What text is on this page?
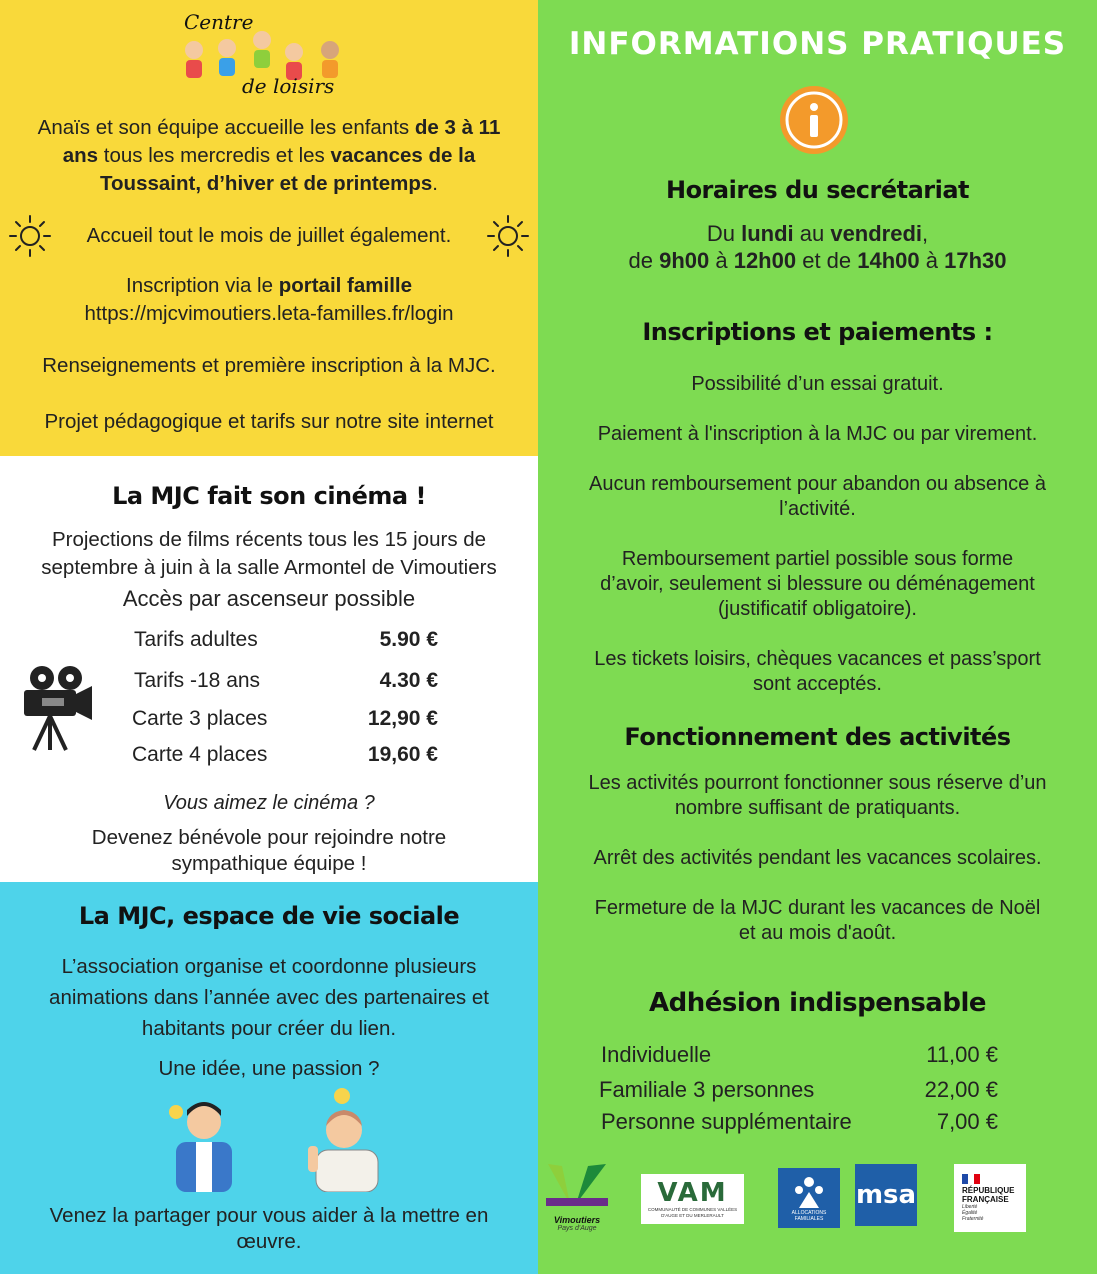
Centre
de loisirs
Anaïs et son équipe accueille les enfants de 3 à 11 ans tous les mercredis et les vacances de la Toussaint, d’hiver et de printemps.
Accueil tout le mois de juillet également.
Inscription via le portail famille
https://mjcvimoutiers.leta-familles.fr/login
Renseignements et première inscription à la MJC.
Projet pédagogique et tarifs sur notre site internet
La MJC fait son cinéma !
Projections de films récents tous les 15 jours de
septembre à juin à la salle Armontel de Vimoutiers
Accès par ascenseur possible
Tarifs adultes	5.90 €
Tarifs -18 ans	4.30 €
Carte 3 places	12,90 €
Carte 4 places	19,60 €
Vous aimez le cinéma ?
Devenez bénévole pour rejoindre notre
sympathique équipe !
La MJC, espace de vie sociale
L’association organise et coordonne plusieurs
animations dans l’année avec des partenaires et
habitants pour créer du lien.
Une idée, une passion ?
Venez la partager pour vous aider à la mettre en
œuvre.
INFORMATIONS PRATIQUES
Horaires du secrétariat
Du lundi au vendredi,
de 9h00 à 12h00 et de 14h00 à 17h30
Inscriptions et paiements :
Possibilité d’un essai gratuit.
Paiement à l'inscription à la MJC ou par virement.
Aucun remboursement pour abandon ou absence à
l’activité.
Remboursement partiel possible sous forme
d’avoir, seulement si blessure ou déménagement
(justificatif obligatoire).
Les tickets loisirs, chèques vacances et pass’sport
sont acceptés.
Fonctionnement des activités
Les activités pourront fonctionner sous réserve d’un
nombre suffisant de pratiquants.
Arrêt des activités pendant les vacances scolaires.
Fermeture de la MJC durant les vacances de Noël
et au mois d'août.
Adhésion indispensable
Individuelle	11,00 €
Familiale 3 personnes	22,00 €
Personne supplémentaire	7,00 €
Vimoutiers
Pays d'Auge
VAM
COMMUNAUTÉ DE COMMUNES VALLÉES D'AUGE ET DU MERLERAULT	ALLOCATIONS FAMILIALES
msa	RÉPUBLIQUE
FRANÇAISE
Liberté
Égalité
Fraternité
